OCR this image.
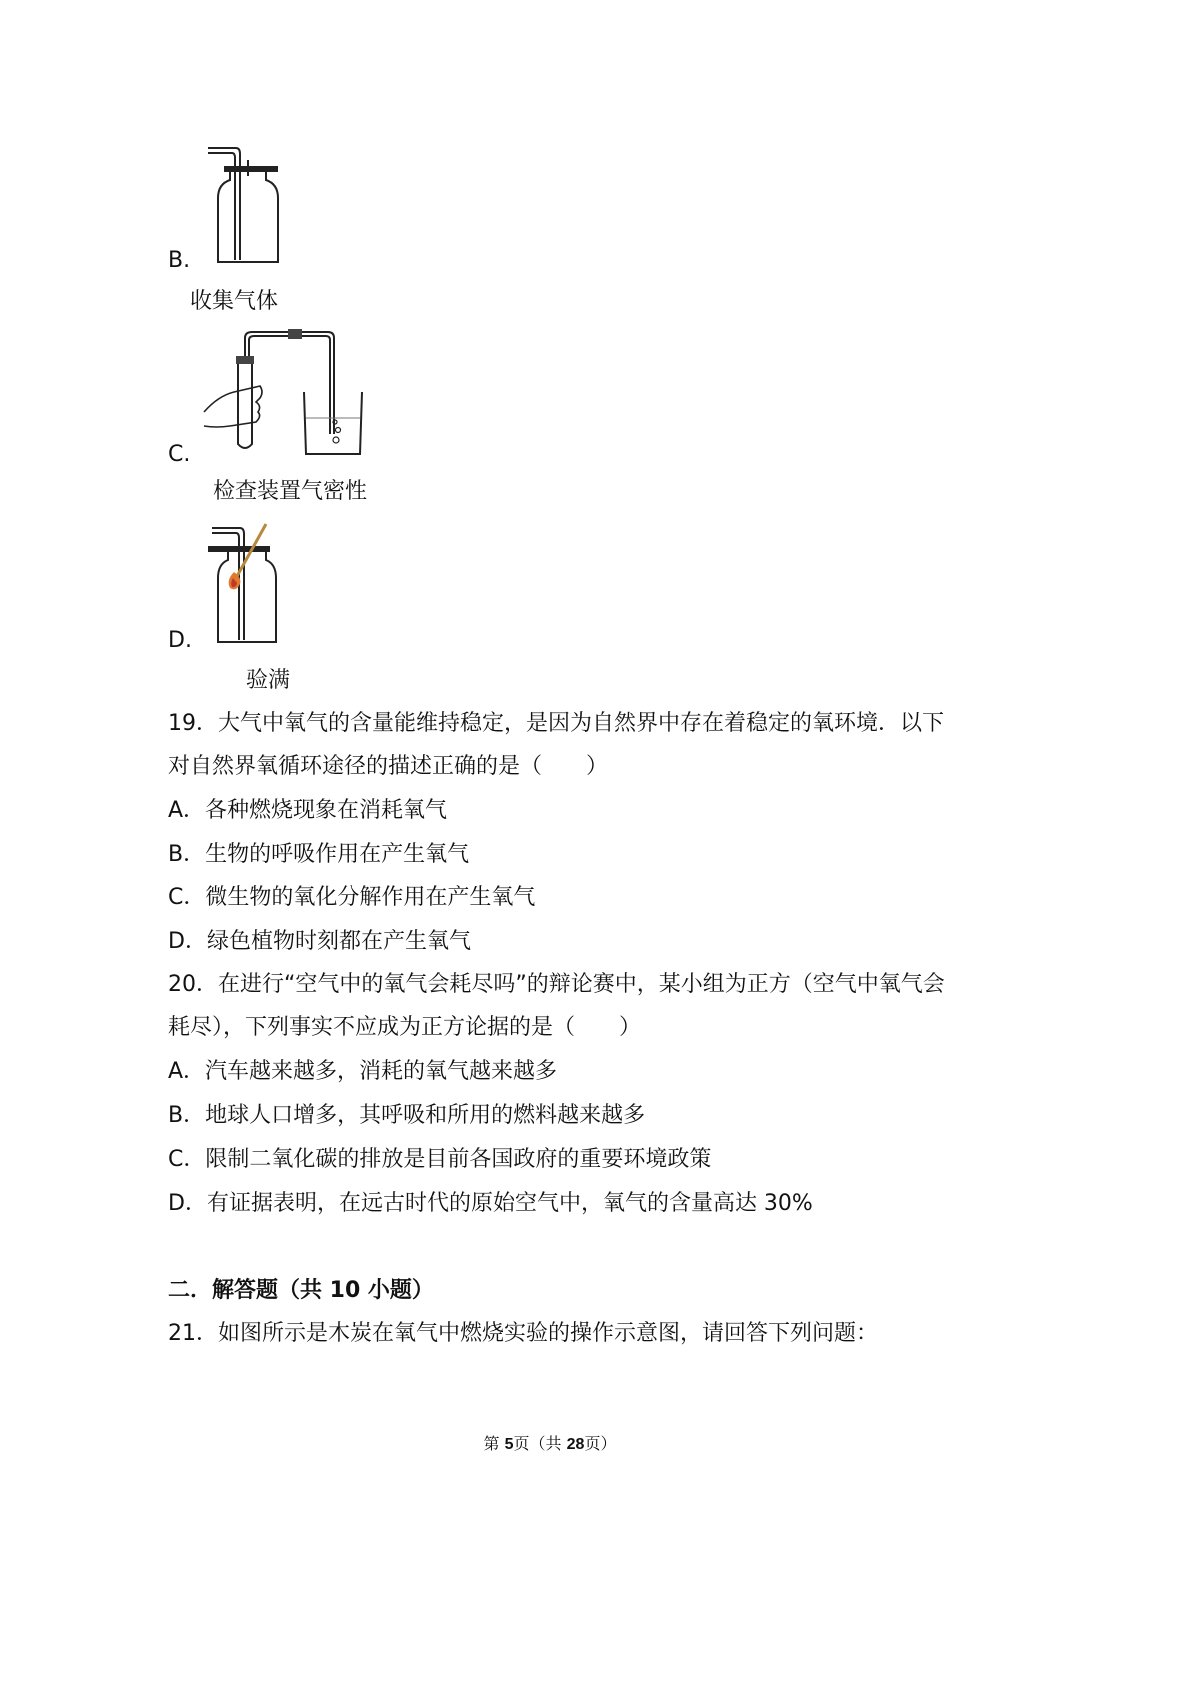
B.
收集气体
C.
检查装置气密性
D.
验满
19．大气中氧气的含量能维持稳定，是因为自然界中存在着稳定的氧环境．以下
对自然界氧循环途径的描述正确的是（　　）
A．各种燃烧现象在消耗氧气
B．生物的呼吸作用在产生氧气
C．微生物的氧化分解作用在产生氧气
D．绿色植物时刻都在产生氧气
20．在进行“空气中的氧气会耗尽吗”的辩论赛中，某小组为正方（空气中氧气会
耗尽），下列事实不应成为正方论据的是（　　）
A．汽车越来越多，消耗的氧气越来越多
B．地球人口增多，其呼吸和所用的燃料越来越多
C．限制二氧化碳的排放是目前各国政府的重要环境政策
D．有证据表明，在远古时代的原始空气中，氧气的含量高达 30%
二．解答题（共 10 小题）
21．如图所示是木炭在氧气中燃烧实验的操作示意图，请回答下列问题：
第 5页（共 28页）
